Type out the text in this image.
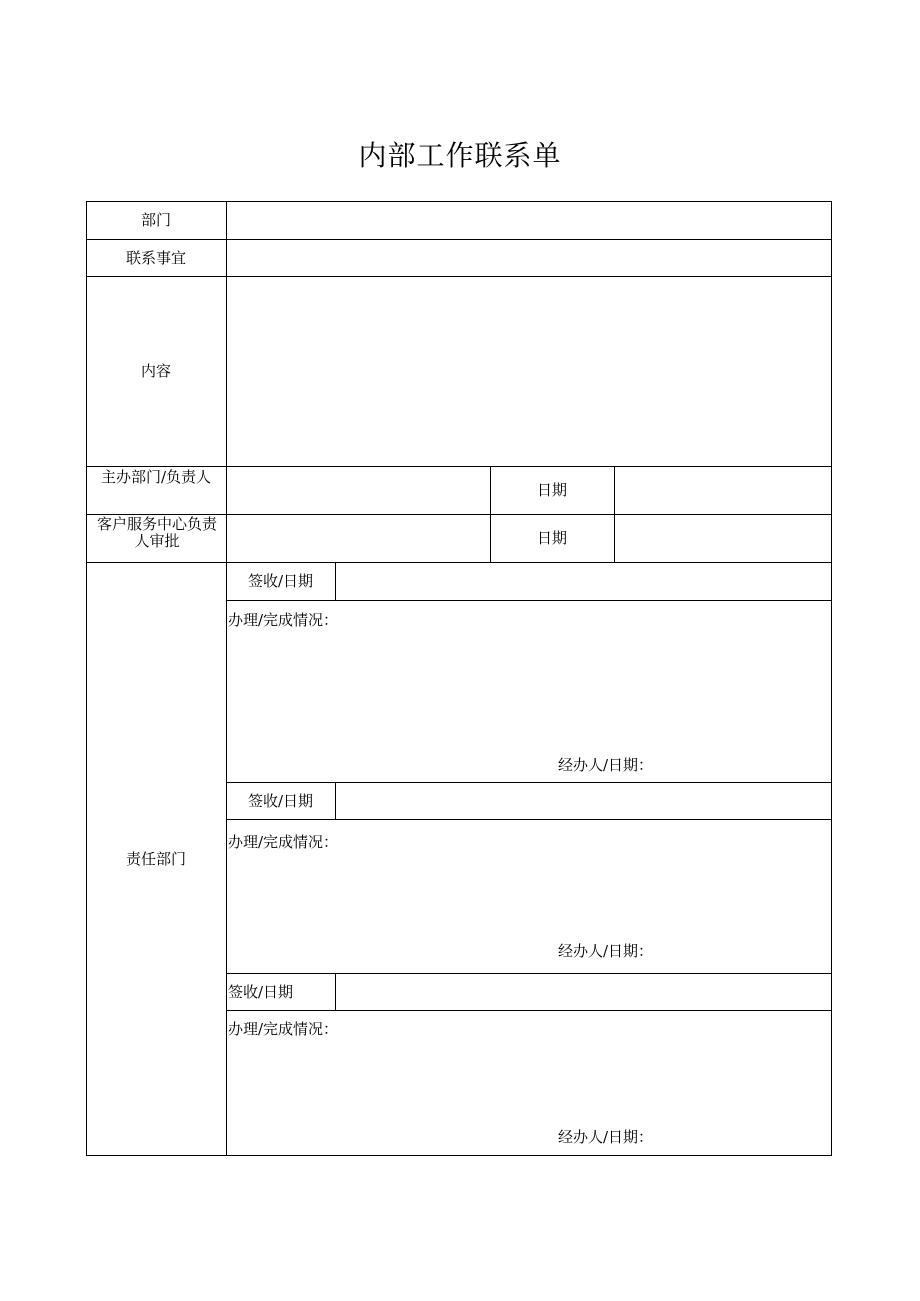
内部工作联系单
部门
联系事宜
内容
主办部门/负责人
日期
客户服务中心负责人审批	日期
责任部门
签收/日期
办理/完成情况：
经办人/日期：
签收/日期
办理/完成情况：
经办人/日期：
签收/日期
办理/完成情况：
经办人/日期：
